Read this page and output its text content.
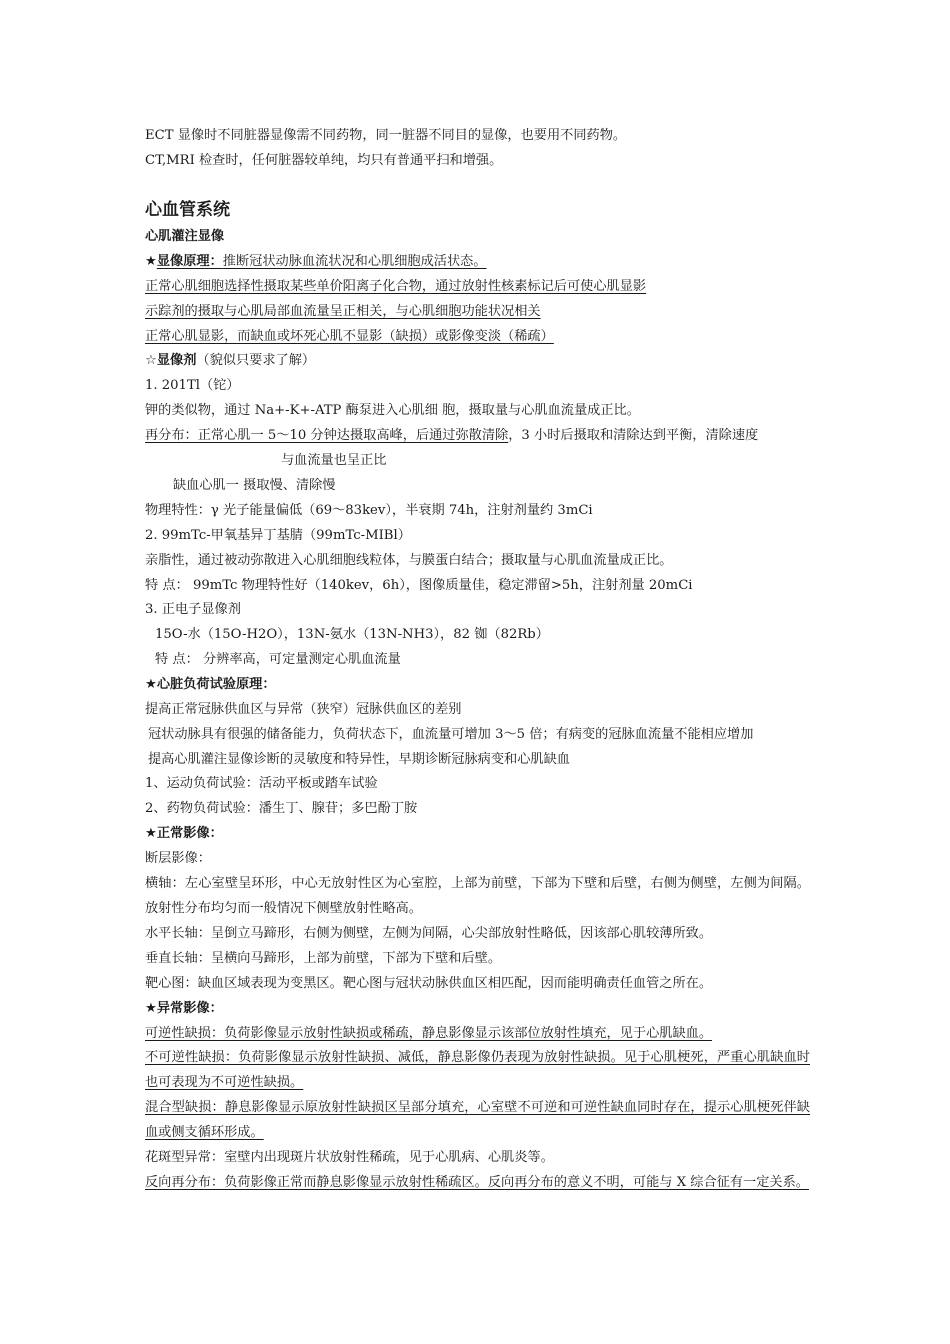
ECT 显像时不同脏器显像需不同药物，同一脏器不同目的显像，也要用不同药物。
CT,MRI 检查时，任何脏器较单纯，均只有普通平扫和增强。
心血管系统
心肌灌注显像
★显像原理：推断冠状动脉血流状况和心肌细胞成活状态。
正常心肌细胞选择性摄取某些单价阳离子化合物，通过放射性核素标记后可使心肌显影
示踪剂的摄取与心肌局部血流量呈正相关，与心肌细胞功能状况相关
正常心肌显影，而缺血或坏死心肌不显影（缺损）或影像变淡（稀疏）
☆显像剂（貌似只要求了解）
1. 201Tl（铊）
钾的类似物，通过 Na+-K+-ATP 酶泵进入心肌细 胞，摄取量与心肌血流量成正比。
再分布：正常心肌一 5～10 分钟达摄取高峰，后通过弥散清除，3 小时后摄取和清除达到平衡，清除速度
与血流量也呈正比
缺血心肌一 摄取慢、清除慢
物理特性：γ 光子能量偏低（69～83kev），半衰期 74h，注射剂量约 3mCi
2. 99mTc-甲氧基异丁基腈（99mTc-MIBl）
亲脂性，通过被动弥散进入心肌细胞线粒体，与膜蛋白结合；摄取量与心肌血流量成正比。
特 点： 99mTc 物理特性好（140kev，6h），图像质量佳，稳定滞留>5h，注射剂量 20mCi
3. 正电子显像剂
15O-水（15O-H2O），13N-氨水（13N-NH3），82 铷（82Rb）
特 点： 分辨率高，可定量测定心肌血流量
★心脏负荷试验原理：
提高正常冠脉供血区与异常（狭窄）冠脉供血区的差别
冠状动脉具有很强的储备能力，负荷状态下，血流量可增加 3～5 倍；有病变的冠脉血流量不能相应增加
提高心肌灌注显像诊断的灵敏度和特异性，早期诊断冠脉病变和心肌缺血
1、运动负荷试验：活动平板或踏车试验
2、药物负荷试验：潘生丁、腺苷；多巴酚丁胺
★正常影像：
断层影像：
横轴：左心室壁呈环形，中心无放射性区为心室腔，上部为前壁，下部为下壁和后壁，右侧为侧壁，左侧为间隔。放射性分布均匀而一般情况下侧壁放射性略高。
水平长轴：呈倒立马蹄形，右侧为侧壁，左侧为间隔，心尖部放射性略低，因该部心肌较薄所致。
垂直长轴：呈横向马蹄形，上部为前壁，下部为下壁和后壁。
靶心图：缺血区域表现为变黑区。靶心图与冠状动脉供血区相匹配，因而能明确责任血管之所在。
★异常影像：
可逆性缺损：负荷影像显示放射性缺损或稀疏，静息影像显示该部位放射性填充，见于心肌缺血。
不可逆性缺损：负荷影像显示放射性缺损、减低，静息影像仍表现为放射性缺损。见于心肌梗死，严重心肌缺血时也可表现为不可逆性缺损。
混合型缺损：静息影像显示原放射性缺损区呈部分填充，心室壁不可逆和可逆性缺血同时存在，提示心肌梗死伴缺血或侧支循环形成。
花斑型异常：室壁内出现斑片状放射性稀疏，见于心肌病、心肌炎等。
反向再分布：负荷影像正常而静息影像显示放射性稀疏区。反向再分布的意义不明，可能与 X 综合征有一定关系。
